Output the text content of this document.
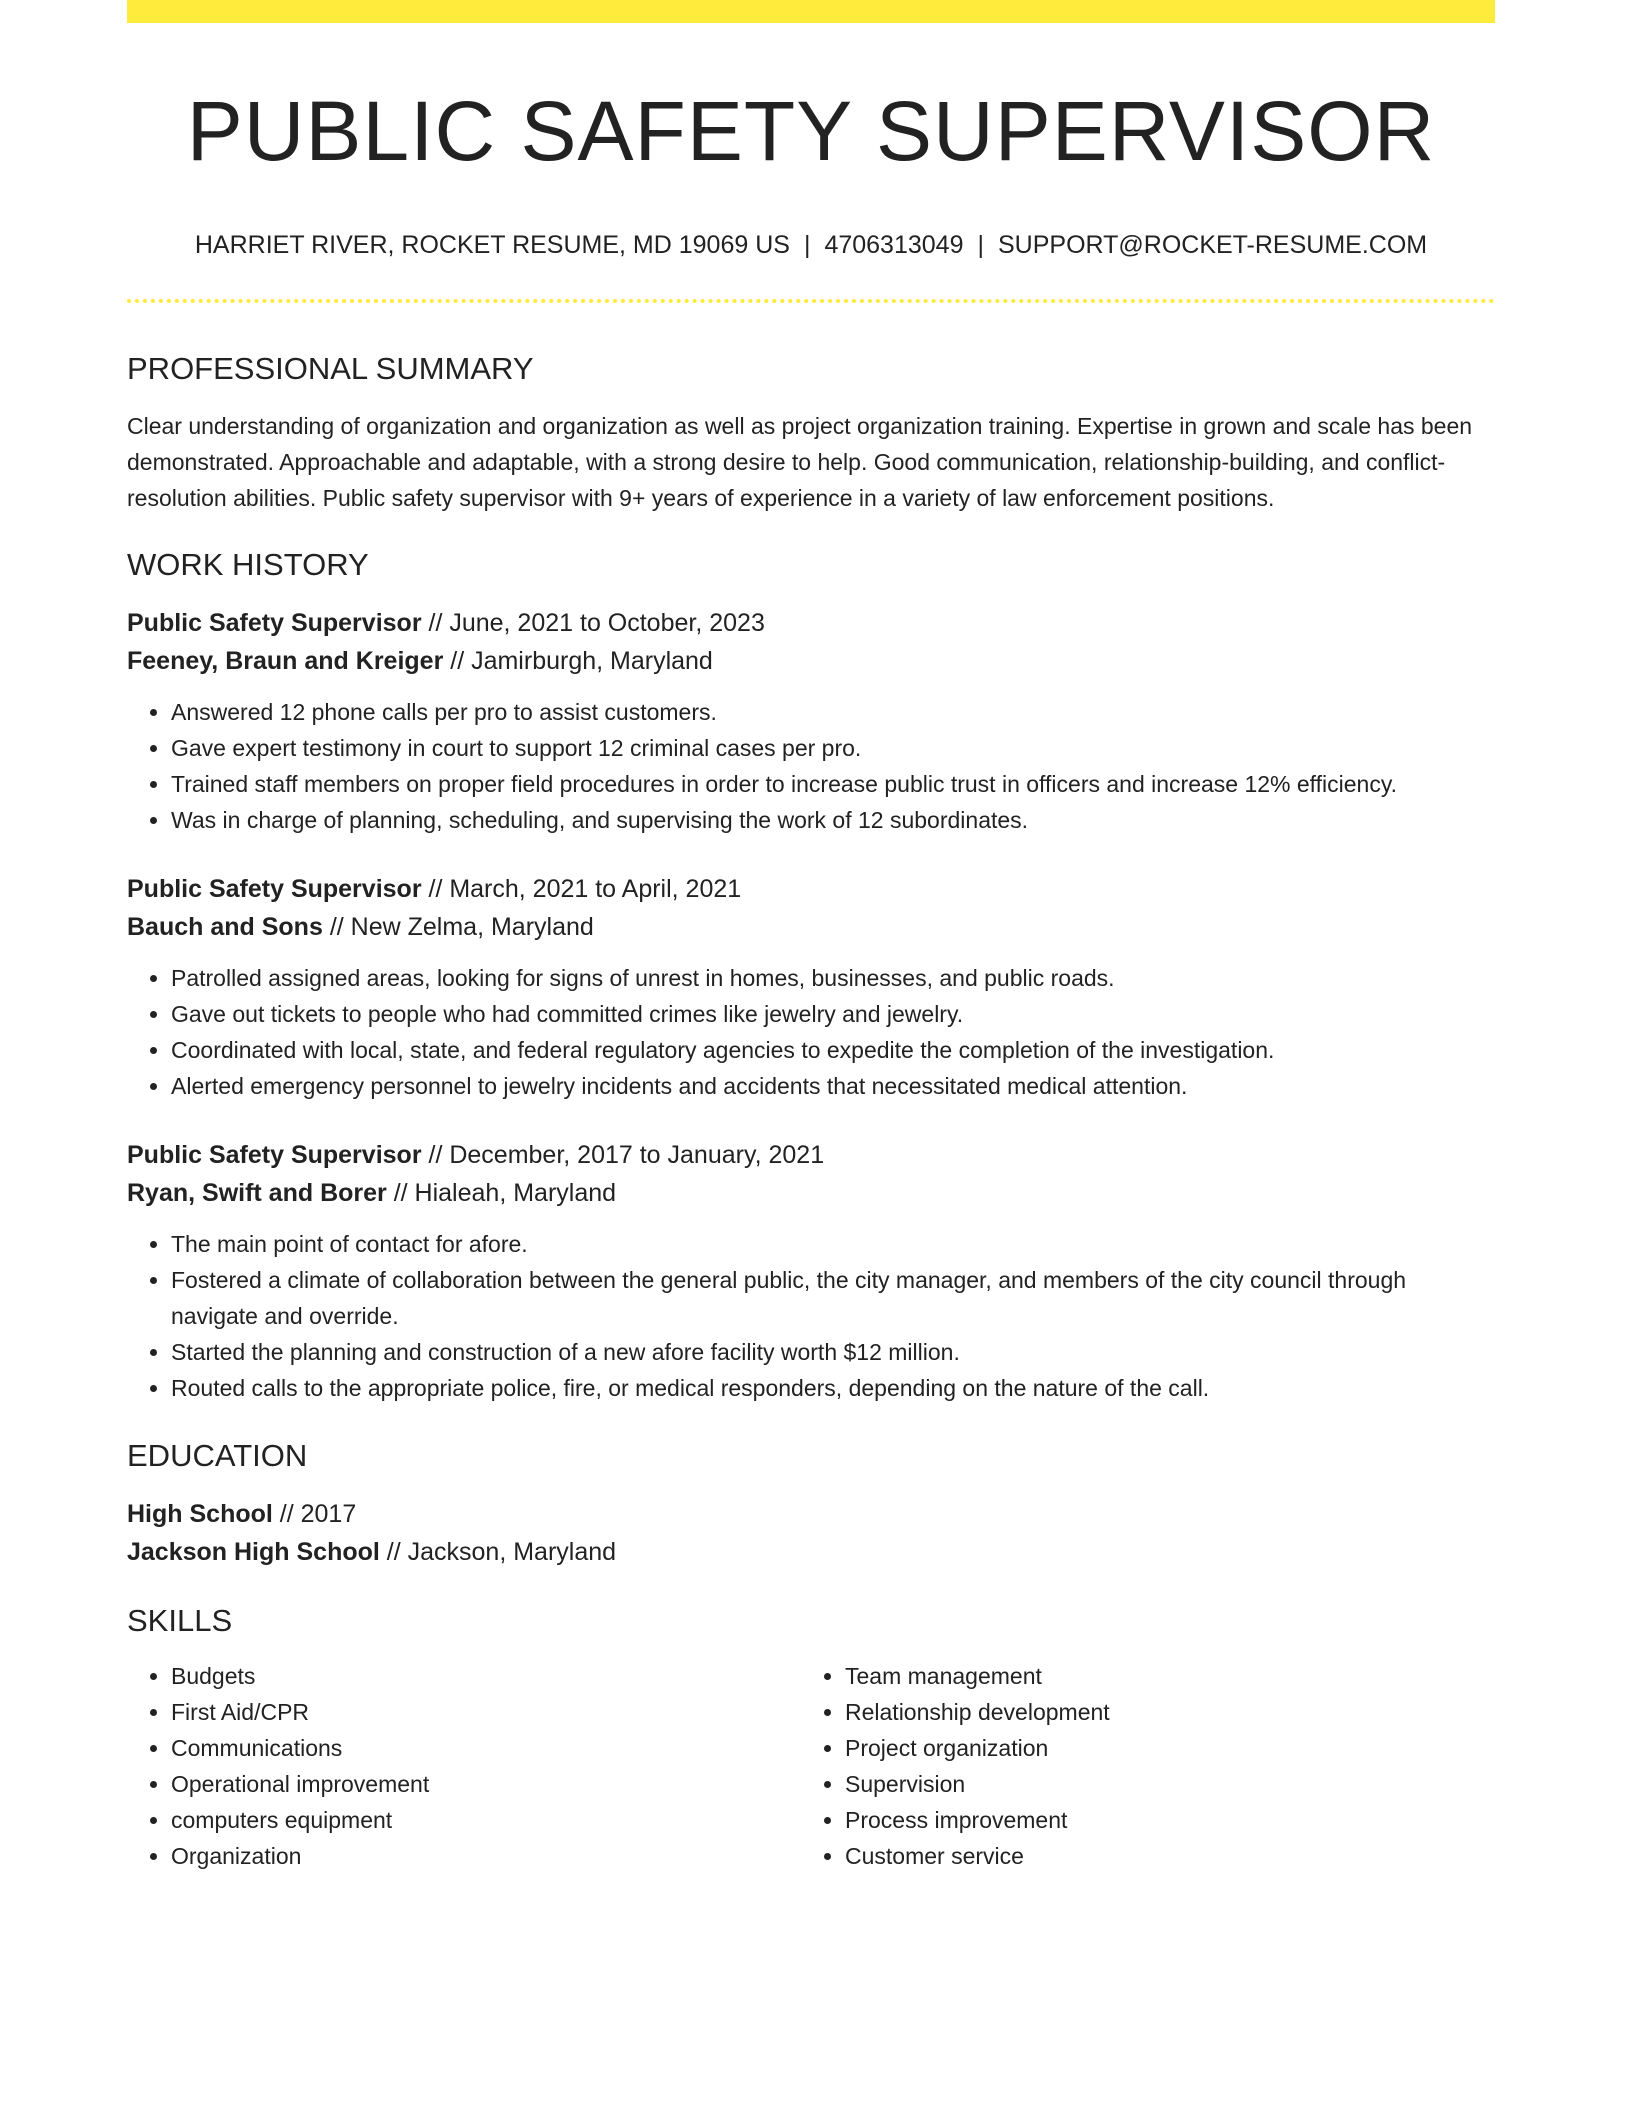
PUBLIC SAFETY SUPERVISOR
HARRIET RIVER, ROCKET RESUME, MD 19069 US | 4706313049 | SUPPORT@ROCKET-RESUME.COM
PROFESSIONAL SUMMARY
Clear understanding of organization and organization as well as project organization training. Expertise in grown and scale has been demonstrated. Approachable and adaptable, with a strong desire to help. Good communication, relationship-building, and conflict-resolution abilities. Public safety supervisor with 9+ years of experience in a variety of law enforcement positions.
WORK HISTORY
Public Safety Supervisor // June, 2021 to October, 2023
Feeney, Braun and Kreiger // Jamirburgh, Maryland
• Answered 12 phone calls per pro to assist customers.
• Gave expert testimony in court to support 12 criminal cases per pro.
• Trained staff members on proper field procedures in order to increase public trust in officers and increase 12% efficiency.
• Was in charge of planning, scheduling, and supervising the work of 12 subordinates.
Public Safety Supervisor // March, 2021 to April, 2021
Bauch and Sons // New Zelma, Maryland
• Patrolled assigned areas, looking for signs of unrest in homes, businesses, and public roads.
• Gave out tickets to people who had committed crimes like jewelry and jewelry.
• Coordinated with local, state, and federal regulatory agencies to expedite the completion of the investigation.
• Alerted emergency personnel to jewelry incidents and accidents that necessitated medical attention.
Public Safety Supervisor // December, 2017 to January, 2021
Ryan, Swift and Borer // Hialeah, Maryland
• The main point of contact for afore.
• Fostered a climate of collaboration between the general public, the city manager, and members of the city council through navigate and override.
• Started the planning and construction of a new afore facility worth $12 million.
• Routed calls to the appropriate police, fire, or medical responders, depending on the nature of the call.
EDUCATION
High School // 2017
Jackson High School // Jackson, Maryland
SKILLS
• Budgets
• First Aid/CPR
• Communications
• Operational improvement
• computers equipment
• Organization
• Team management
• Relationship development
• Project organization
• Supervision
• Process improvement
• Customer service
